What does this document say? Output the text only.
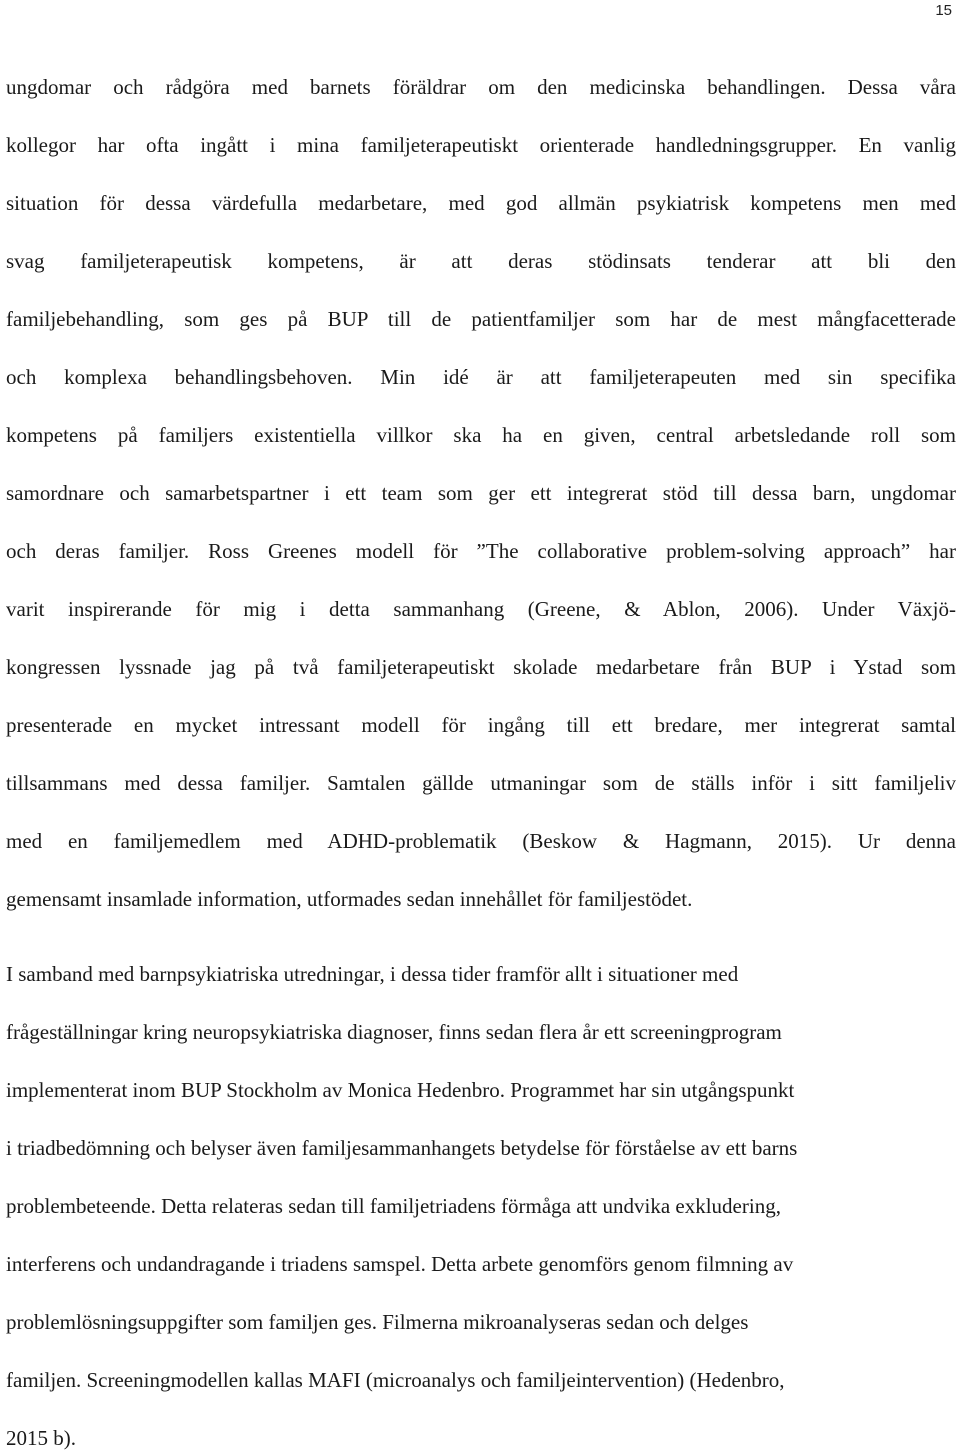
15
ungdomar och rådgöra med barnets föräldrar om den medicinska behandlingen. Dessa våra
kollegor har ofta ingått i mina familjeterapeutiskt orienterade handledningsgrupper. En vanlig
situation för dessa värdefulla medarbetare, med god allmän psykiatrisk kompetens men med
svag familjeterapeutisk kompetens, är att deras stödinsats tenderar att bli den
familjebehandling, som ges på BUP till de patientfamiljer som har de mest mångfacetterade
och komplexa behandlingsbehoven. Min idé är att familjeterapeuten med sin specifika
kompetens på familjers existentiella villkor ska ha en given, central arbetsledande roll som
samordnare och samarbetspartner i ett team som ger ett integrerat stöd till dessa barn, ungdomar
och deras familjer. Ross Greenes modell för ”The collaborative problem-solving approach” har
varit inspirerande för mig i detta sammanhang (Greene, & Ablon, 2006). Under Växjö-
kongressen lyssnade jag på två familjeterapeutiskt skolade medarbetare från BUP i Ystad som
presenterade en mycket intressant modell för ingång till ett bredare, mer integrerat samtal
tillsammans med dessa familjer. Samtalen gällde utmaningar som de ställs inför i sitt familjeliv
med en familjemedlem med ADHD-problematik (Beskow & Hagmann, 2015). Ur denna
gemensamt insamlade information, utformades sedan innehållet för familjestödet.
I samband med barnpsykiatriska utredningar, i dessa tider framför allt i situationer med
frågeställningar kring neuropsykiatriska diagnoser, finns sedan flera år ett screeningprogram
implementerat inom BUP Stockholm av Monica Hedenbro. Programmet har sin utgångspunkt
i triadbedömning och belyser även familjesammanhangets betydelse för förståelse av ett barns
problembeteende. Detta relateras sedan till familjetriadens förmåga att undvika exkludering,
interferens och undandragande i triadens samspel. Detta arbete genomförs genom filmning av
problemlösningsuppgifter som familjen ges. Filmerna mikroanalyseras sedan och delges
familjen. Screeningmodellen kallas MAFI (microanalys och familjeintervention) (Hedenbro,
2015 b).
